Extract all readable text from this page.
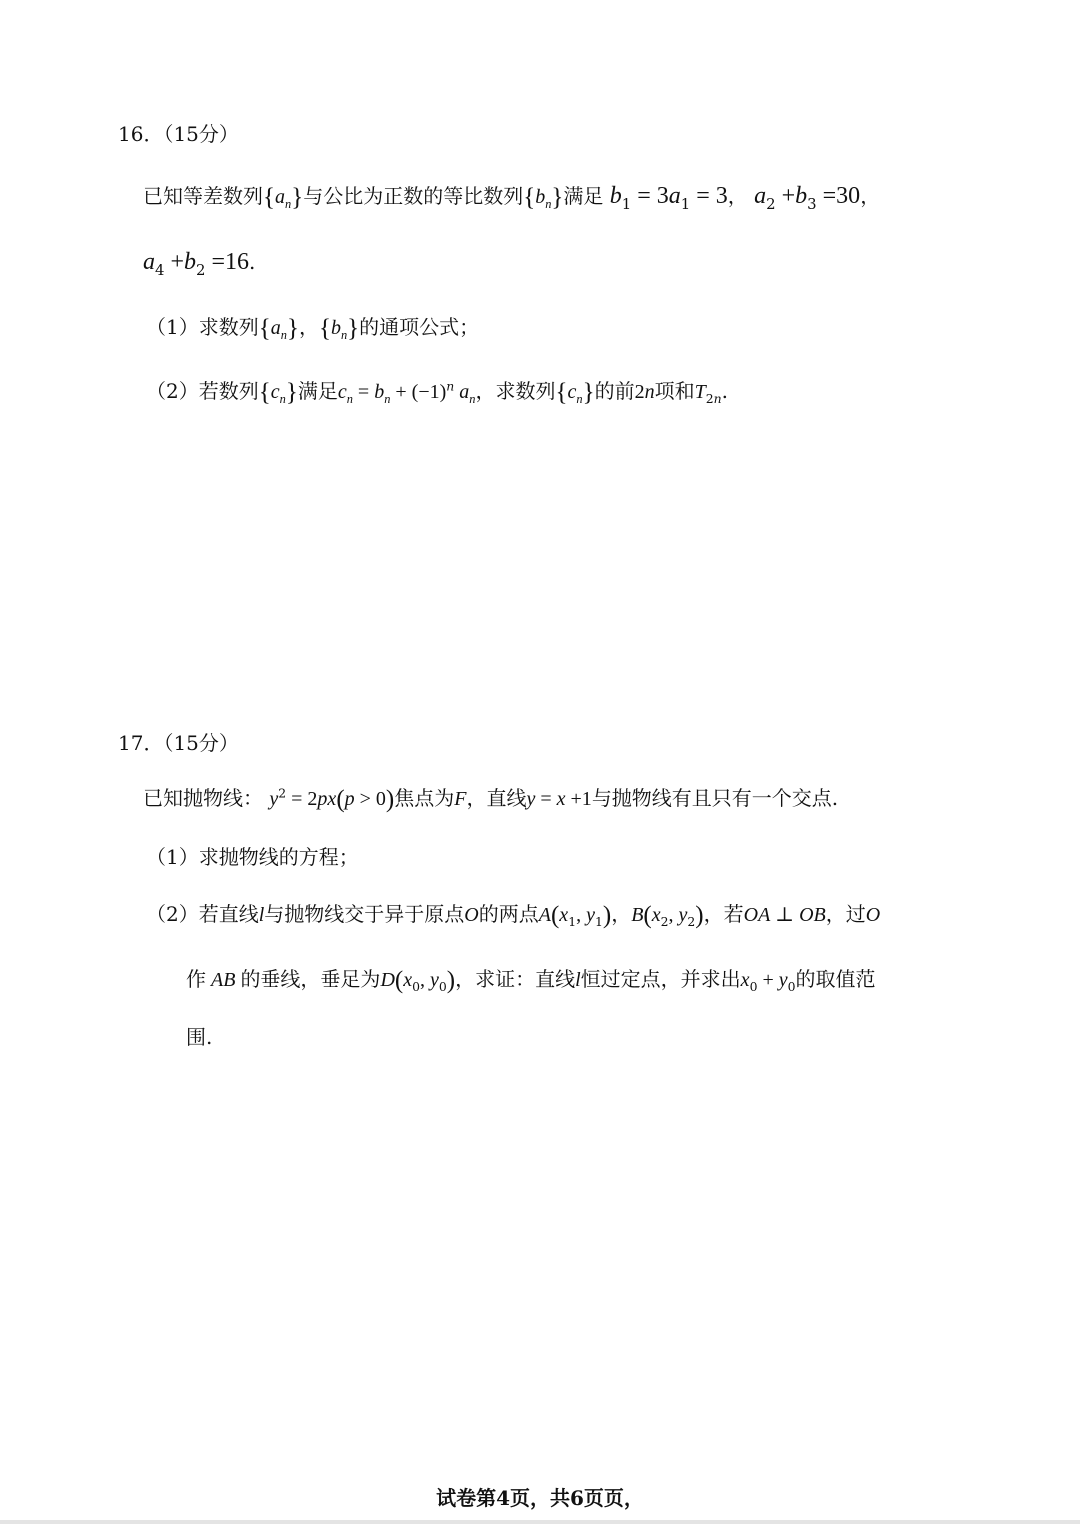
16．（15分）
已知等差数列$\{a_n\}$与公比为正数的等比数列$\{b_n\}$满足 $b_1 = 3a_1 = 3$， $a_2 +b_3 =30$，
$a_4 +b_2 =16$.
（1）求数列$\{a_n\}$，$\{b_n\}$的通项公式；
（2）若数列$\{c_n\}$满足$c_n = b_n + (-1)^n$ $a_n$，求数列$\{c_n\}$的前2n项和$T_{2n}$.
17．（15分）
已知抛物线： $y^2 = 2px(p > 0)$焦点为F，直线y = x +1与抛物线有且只有一个交点.
（1）求抛物线的方程；
（2）若直线l与抛物线交于异于原点O的两点$A(x_1$, $y_1$)，$B(x_2$, $y_2$)，若OA ⊥ OB，过O
作 AB 的垂线，垂足为$D(x_0$, $y_0$)，求证：直线l恒过定点，并求出$x_0 + y_0$的取值范
围.
试卷第4页，共6页页，
